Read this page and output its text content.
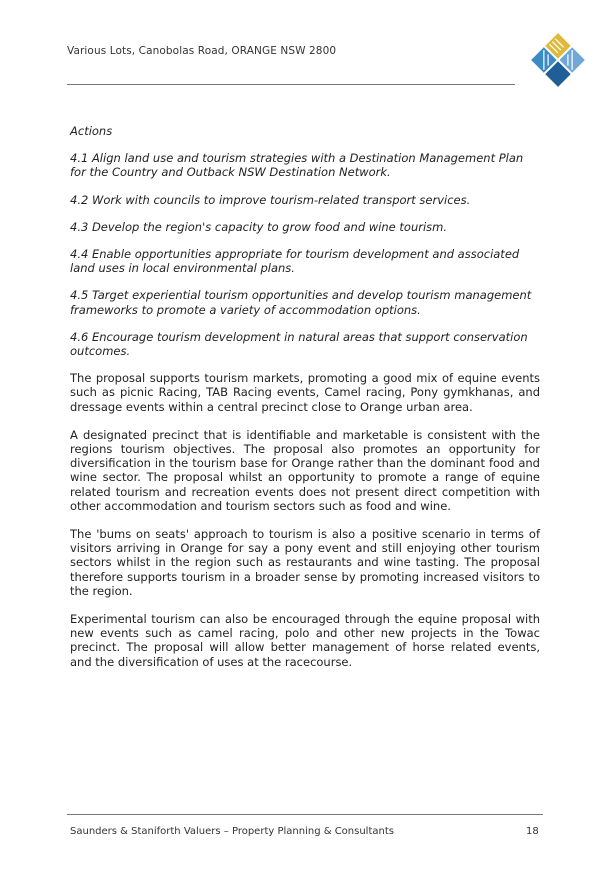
Various Lots, Canobolas Road, ORANGE NSW 2800

Actions

4.1 Align land use and tourism strategies with a Destination Management Plan for the Country and Outback NSW Destination Network.

4.2 Work with councils to improve tourism-related transport services.

4.3 Develop the region's capacity to grow food and wine tourism.

4.4 Enable opportunities appropriate for tourism development and associated land uses in local environmental plans.

4.5 Target experiential tourism opportunities and develop tourism management frameworks to promote a variety of accommodation options.

4.6 Encourage tourism development in natural areas that support conservation outcomes.

The proposal supports tourism markets, promoting a good mix of equine events such as picnic Racing, TAB Racing events, Camel racing, Pony gymkhanas, and dressage events within a central precinct close to Orange urban area.

A designated precinct that is identifiable and marketable is consistent with the regions tourism objectives. The proposal also promotes an opportunity for diversification in the tourism base for Orange rather than the dominant food and wine sector. The proposal whilst an opportunity to promote a range of equine related tourism and recreation events does not present direct competition with other accommodation and tourism sectors such as food and wine.

The 'bums on seats' approach to tourism is also a positive scenario in terms of visitors arriving in Orange for say a pony event and still enjoying other tourism sectors whilst in the region such as restaurants and wine tasting. The proposal therefore supports tourism in a broader sense by promoting increased visitors to the region.

Experimental tourism can also be encouraged through the equine proposal with new events such as camel racing, polo and other new projects in the Towac precinct. The proposal will allow better management of horse related events, and the diversification of uses at the racecourse.

Saunders & Staniforth Valuers – Property Planning & Consultants	18
